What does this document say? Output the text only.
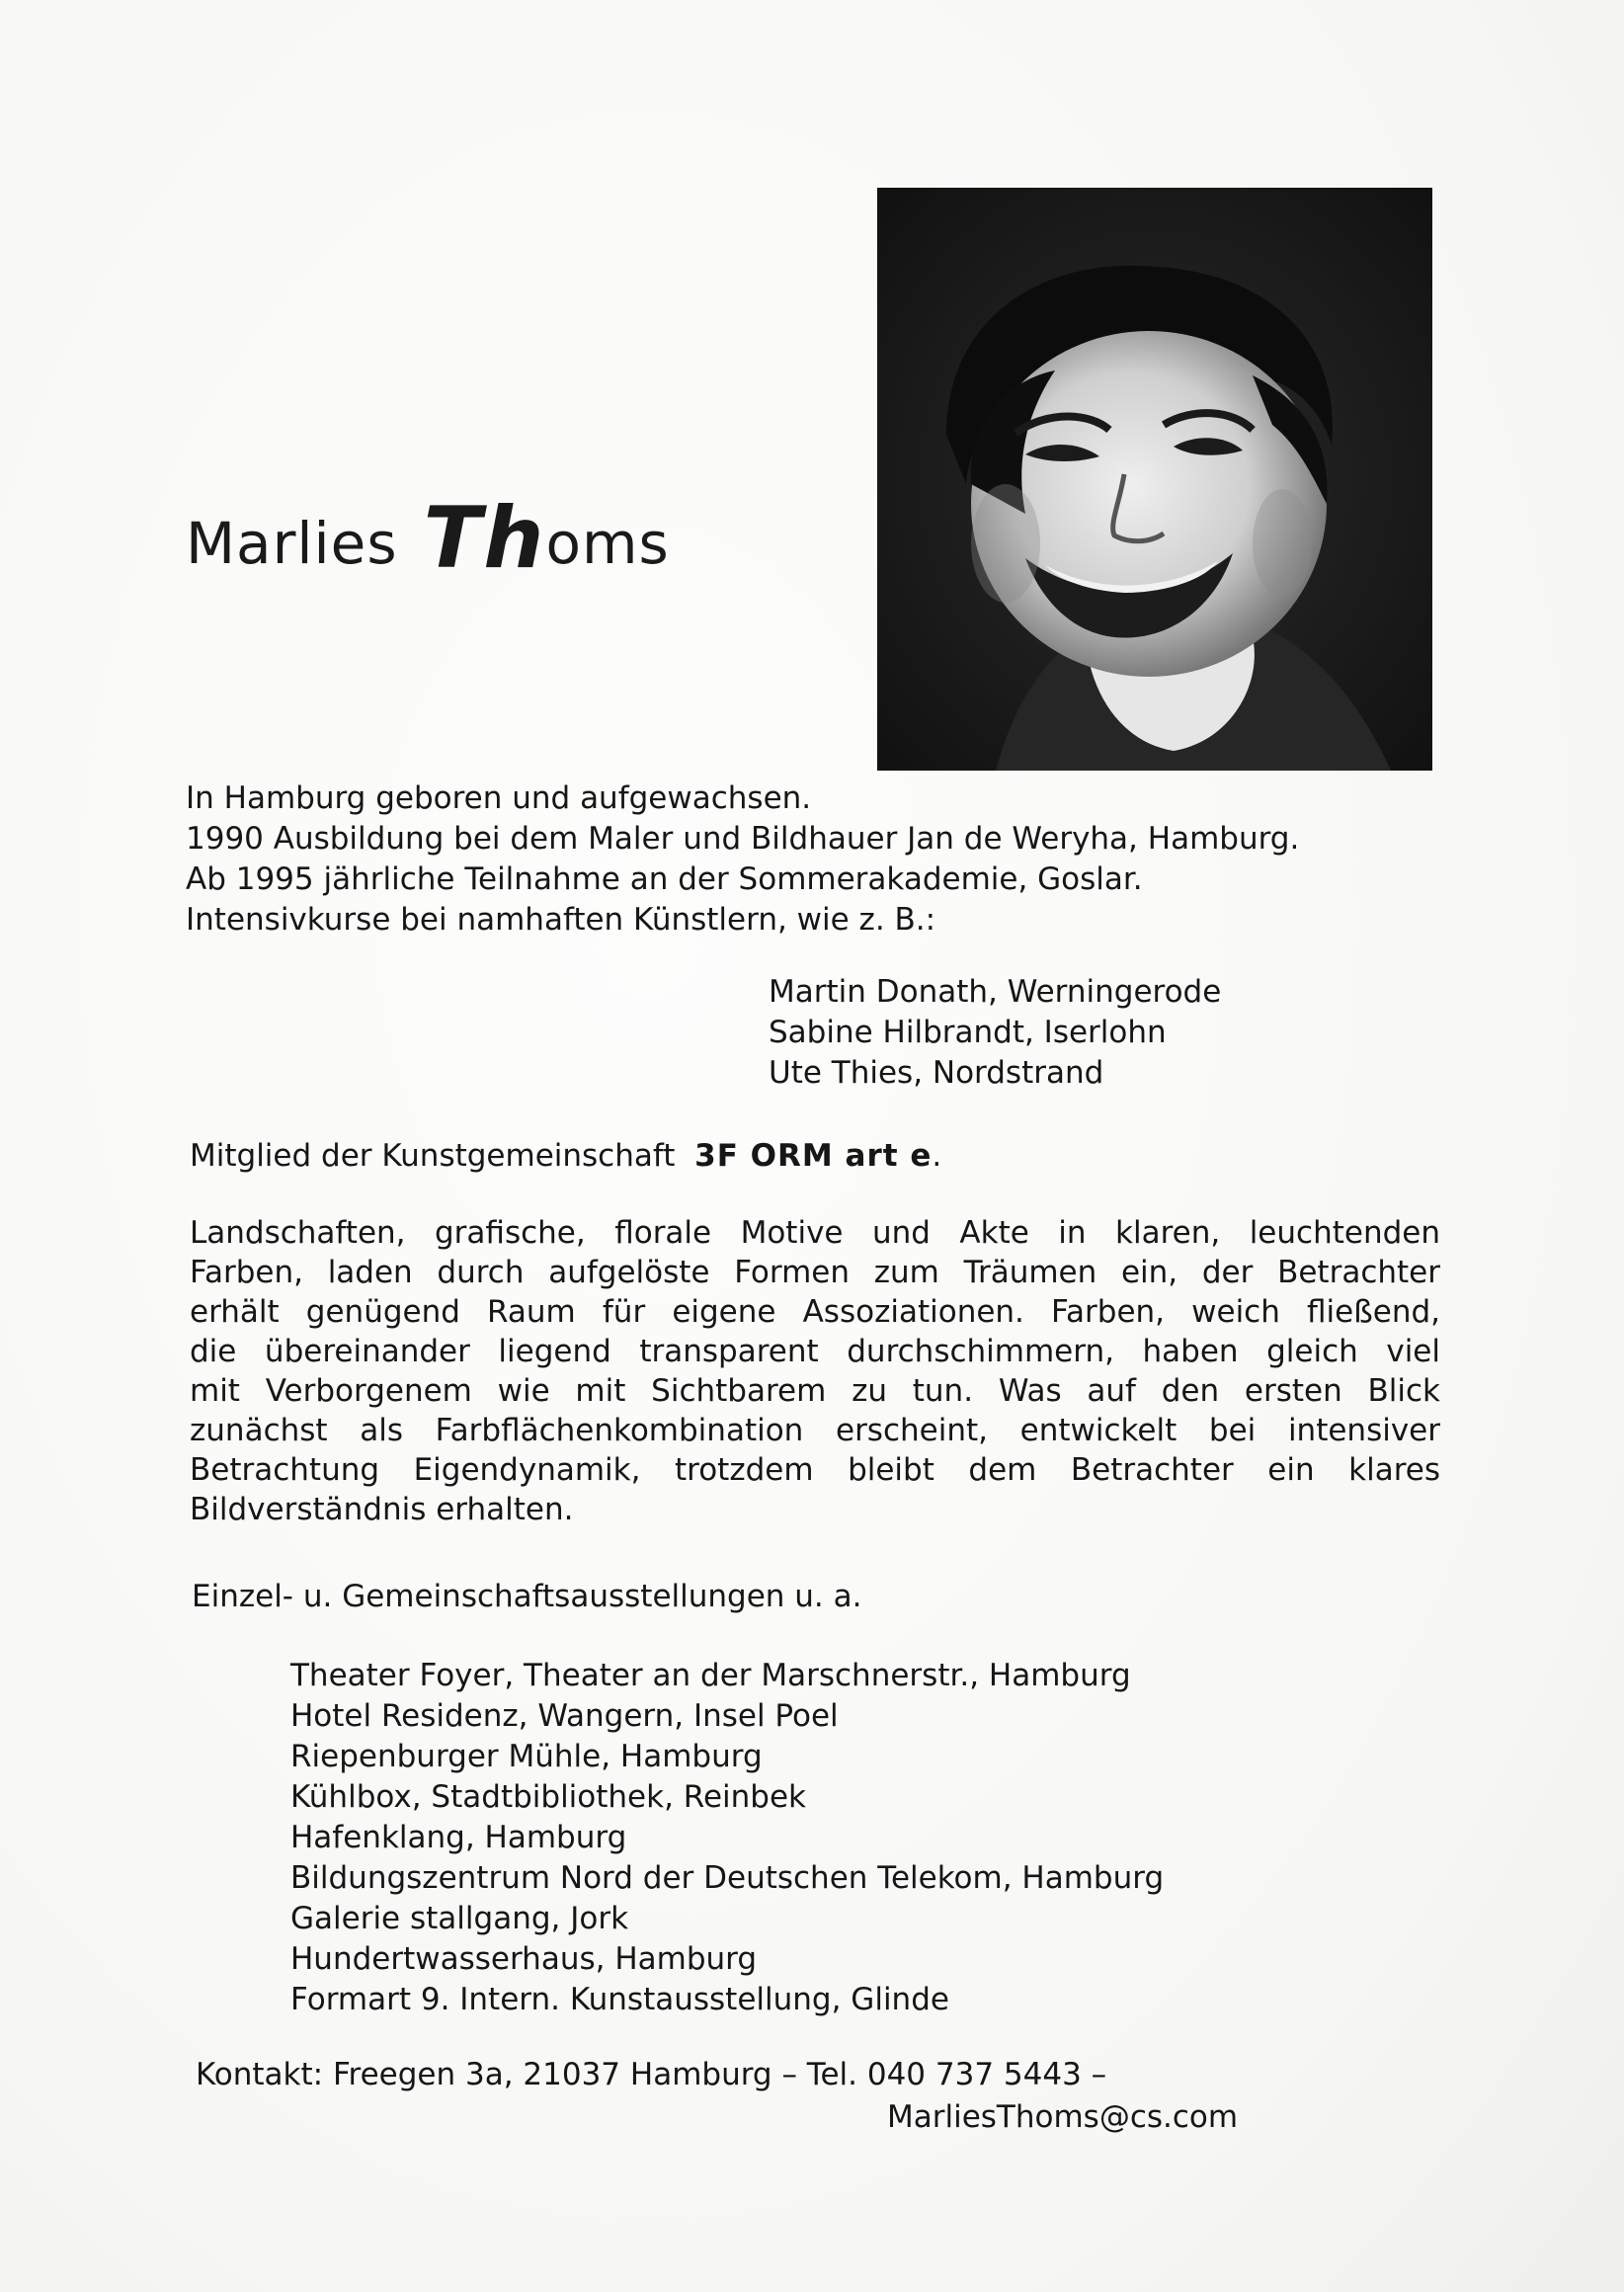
Marlies Thoms
In Hamburg geboren und aufgewachsen.
1990 Ausbildung bei dem Maler und Bildhauer Jan de Weryha, Hamburg.
Ab 1995 jährliche Teilnahme an der Sommerakademie, Goslar.
Intensivkurse bei namhaften Künstlern, wie z. B.:
Martin Donath, Werningerode
Sabine Hilbrandt, Iserlohn
Ute Thies, Nordstrand
Mitglied der Kunstgemeinschaft 3F ORM art e.
Landschaften, grafische, florale Motive und Akte in klaren, leuchtenden
Farben, laden durch aufgelöste Formen zum Träumen ein, der Betrachter
erhält genügend Raum für eigene Assoziationen. Farben, weich fließend,
die übereinander liegend transparent durchschimmern, haben gleich viel
mit Verborgenem wie mit Sichtbarem zu tun. Was auf den ersten Blick
zunächst als Farbflächenkombination erscheint, entwickelt bei intensiver
Betrachtung Eigendynamik, trotzdem bleibt dem Betrachter ein klares
Bildverständnis erhalten.
Einzel- u. Gemeinschaftsausstellungen u. a.
Theater Foyer, Theater an der Marschnerstr., Hamburg
Hotel Residenz, Wangern, Insel Poel
Riepenburger Mühle, Hamburg
Kühlbox, Stadtbibliothek, Reinbek
Hafenklang, Hamburg
Bildungszentrum Nord der Deutschen Telekom, Hamburg
Galerie stallgang, Jork
Hundertwasserhaus, Hamburg
Formart 9. Intern. Kunstausstellung, Glinde
Kontakt: Freegen 3a, 21037 Hamburg – Tel. 040 737 5443 –
MarliesThoms@cs.com
